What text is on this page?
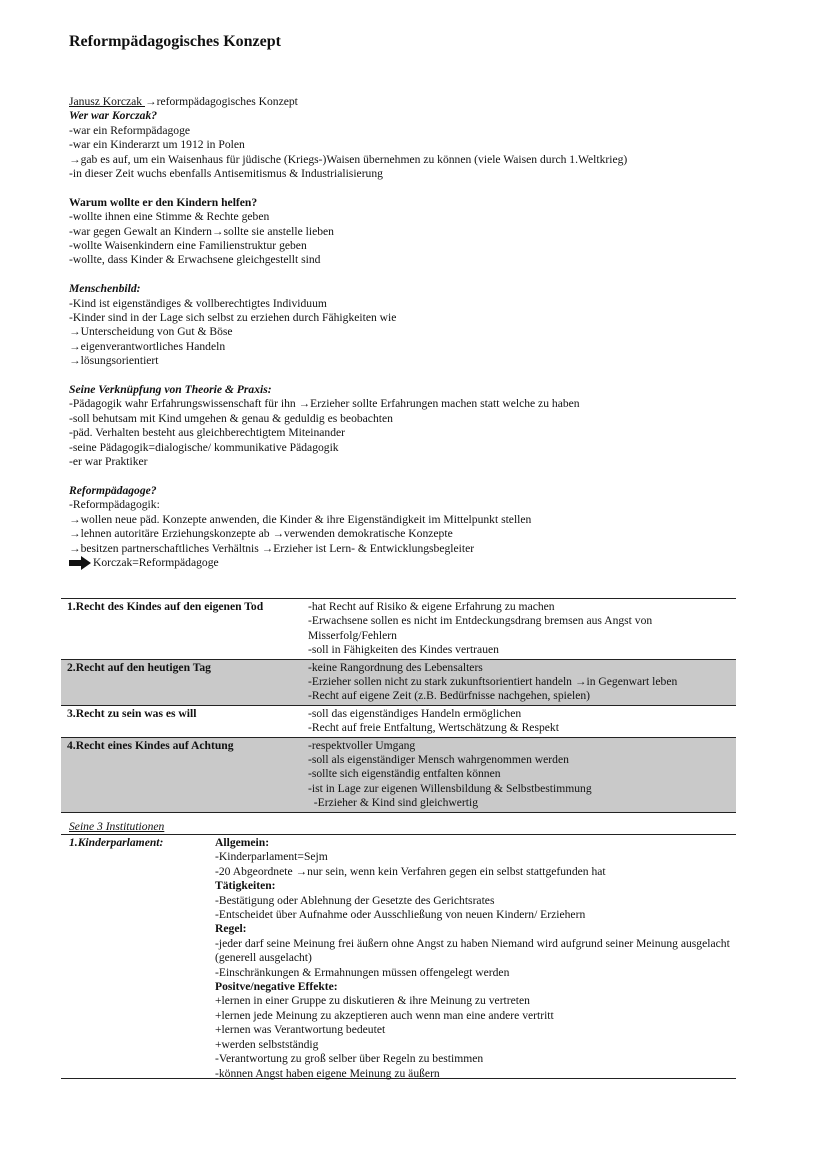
Reformpädagogisches Konzept
Janusz Korczak →reformpädagogisches Konzept
Wer war Korczak?
-war ein Reformpädagoge
-war ein Kinderarzt um 1912 in Polen
→gab es auf, um ein Waisenhaus für jüdische (Kriegs-)Waisen übernehmen zu können (viele Waisen durch 1.Weltkrieg)
-in dieser Zeit wuchs ebenfalls Antisemitismus & Industrialisierung
Warum wollte er den Kindern helfen?
-wollte ihnen eine Stimme & Rechte geben
-war gegen Gewalt an Kindern→sollte sie anstelle lieben
-wollte Waisenkindern eine Familienstruktur geben
-wollte, dass Kinder & Erwachsene gleichgestellt sind
Menschenbild:
-Kind ist eigenständiges & vollberechtigtes Individuum
-Kinder sind in der Lage sich selbst zu erziehen durch Fähigkeiten wie
→Unterscheidung von Gut & Böse
→eigenverantwortliches Handeln
→lösungsorientiert
Seine Verknüpfung von Theorie & Praxis:
-Pädagogik wahr Erfahrungswissenschaft für ihn →Erzieher sollte Erfahrungen machen statt welche zu haben
-soll behutsam mit Kind umgehen & genau & geduldig es beobachten
-päd. Verhalten besteht aus gleichberechtigtem Miteinander
-seine Pädagogik=dialogische/ kommunikative Pädagogik
-er war Praktiker
Reformpädagoge?
-Reformpädagogik:
→wollen neue päd. Konzepte anwenden, die Kinder & ihre Eigenständigkeit im Mittelpunkt stellen
→lehnen autoritäre Erziehungskonzepte ab →verwenden demokratische Konzepte
→besitzen partnerschaftliches Verhältnis →Erzieher ist Lern- & Entwicklungsbegleiter
Korczak=Reformpädagoge
1.Recht des Kindes auf den eigenen Tod	-hat Recht auf Risiko & eigene Erfahrung zu machen
-Erwachsene sollen es nicht im Entdeckungsdrang bremsen aus Angst von Misserfolg/Fehlern
-soll in Fähigkeiten des Kindes vertrauen

2.Recht auf den heutigen Tag	-keine Rangordnung des Lebensalters
-Erzieher sollen nicht zu stark zukunftsorientiert handeln →in Gegenwart leben
-Recht auf eigene Zeit (z.B. Bedürfnisse nachgehen, spielen)

3.Recht zu sein was es will	-soll das eigenständiges Handeln ermöglichen
-Recht auf freie Entfaltung, Wertschätzung & Respekt

4.Recht eines Kindes auf Achtung	-respektvoller Umgang
-soll als eigenständiger Mensch wahrgenommen werden
-sollte sich eigenständig entfalten können
-ist in Lage zur eigenen Willensbildung & Selbstbestimmung
-Erzieher & Kind sind gleichwertig
Seine 3 Institutionen
1.Kinderparlament:	Allgemein:
-Kinderparlament=Sejm
-20 Abgeordnete →nur sein, wenn kein Verfahren gegen ein selbst stattgefunden hat
Tätigkeiten:
-Bestätigung oder Ablehnung der Gesetzte des Gerichtsrates
-Entscheidet über Aufnahme oder Ausschließung von neuen Kindern/ Erziehern
Regel:
-jeder darf seine Meinung frei äußern ohne Angst zu haben Niemand wird aufgrund seiner Meinung ausgelacht (generell ausgelacht)
-Einschränkungen & Ermahnungen müssen offengelegt werden
Positve/negative Effekte:
+lernen in einer Gruppe zu diskutieren & ihre Meinung zu vertreten
+lernen jede Meinung zu akzeptieren auch wenn man eine andere vertritt
+lernen was Verantwortung bedeutet
+werden selbstständig
-Verantwortung zu groß selber über Regeln zu bestimmen
-können Angst haben eigene Meinung zu äußern
